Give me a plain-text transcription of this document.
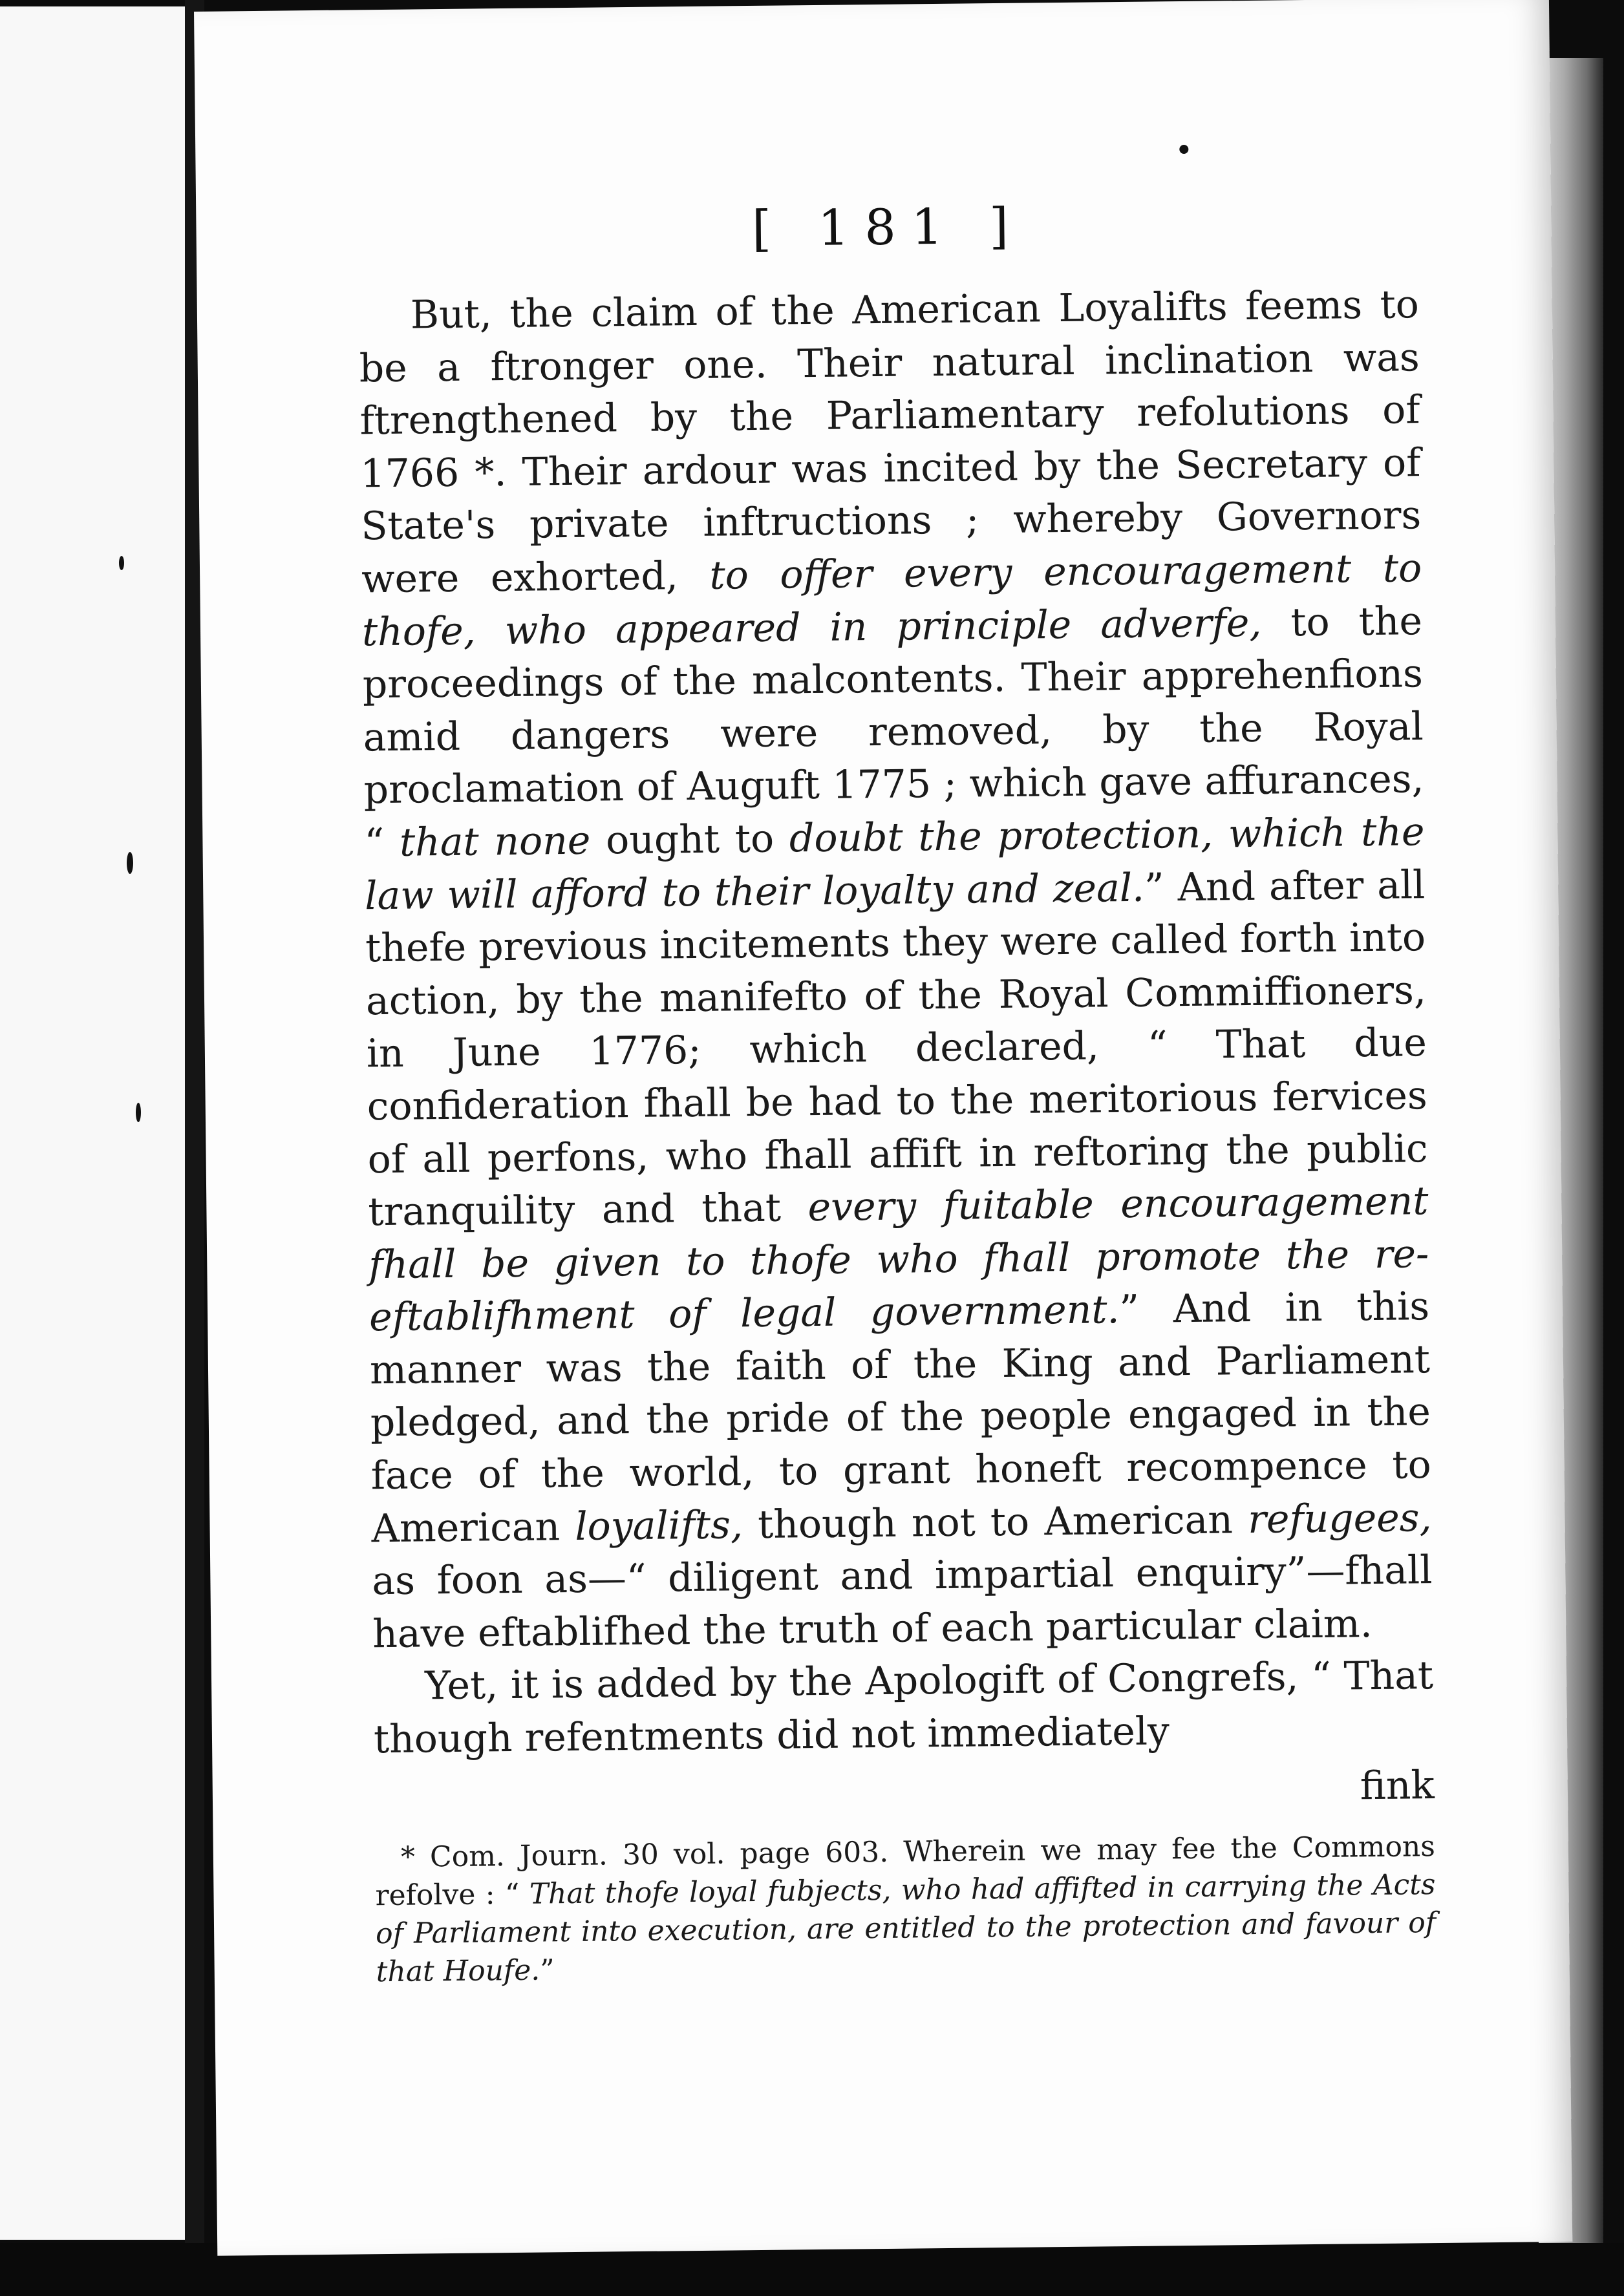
[ 181 ]

But, the claim of the American Loyalifts feems to be a ftronger one. Their natural inclination was ftrengthened by the Parliamentary refolutions of 1766 *. Their ardour was incited by the Secretary of State's private inftructions ; whereby Governors were exhorted, to offer every encouragement to thofe, who appeared in principle adverfe, to the proceedings of the malcontents. Their apprehenfions amid dangers were removed, by the Royal proclamation of Auguft 1775 ; which gave affurances, “ that none ought to doubt the protection, which the law will afford to their loyalty and zeal.” And after all thefe previous incitements they were called forth into action, by the manifefto of the Royal Commiffioners, in June 1776; which declared, “ That due confideration fhall be had to the meritorious fervices of all perfons, who fhall affift in reftoring the public tranquility and that every fuitable encouragement fhall be given to thofe who fhall promote the re-eftablifhment of legal government.” And in this manner was the faith of the King and Parliament pledged, and the pride of the people engaged in the face of the world, to grant honeft recompence to American loyalifts, though not to American refugees, as foon as—“ diligent and impartial enquiry”—fhall have eftablifhed the truth of each particular claim.

Yet, it is added by the Apologift of Congrefs, “ That though refentments did not immediately

fink
* Com. Journ. 30 vol. page 603. Wherein we may fee the Commons refolve : “ That thofe loyal fubjects, who had affifted in carrying the Acts of Parliament into execution, are entitled to the protection and favour of that Houfe.”
